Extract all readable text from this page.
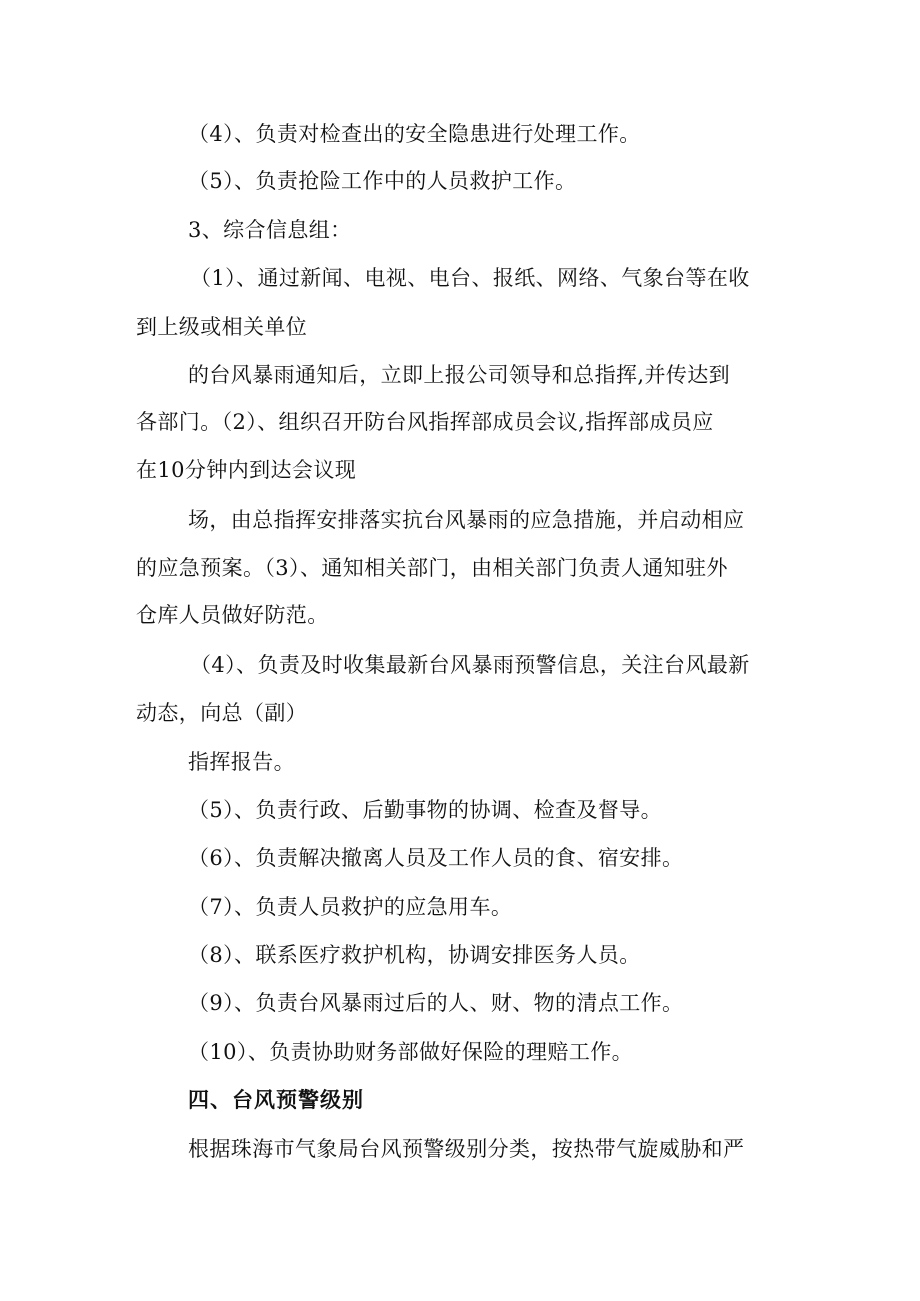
（4）、负责对检查出的安全隐患进行处理工作。
（5）、负责抢险工作中的人员救护工作。
3、综合信息组：
（1）、通过新闻、电视、电台、报纸、网络、气象台等在收
到上级或相关单位
的台风暴雨通知后，立即上报公司领导和总指挥,并传达到
各部门。（2）、组织召开防台风指挥部成员会议,指挥部成员应
在10分钟内到达会议现
场，由总指挥安排落实抗台风暴雨的应急措施，并启动相应
的应急预案。（3）、通知相关部门，由相关部门负责人通知驻外
仓库人员做好防范。
（4）、负责及时收集最新台风暴雨预警信息，关注台风最新
动态，向总（副）
指挥报告。
（5）、负责行政、后勤事物的协调、检查及督导。
（6）、负责解决撤离人员及工作人员的食、宿安排。
（7）、负责人员救护的应急用车。
（8）、联系医疗救护机构，协调安排医务人员。
（9）、负责台风暴雨过后的人、财、物的清点工作。
（10）、负责协助财务部做好保险的理赔工作。
四、台风预警级别
根据珠海市气象局台风预警级别分类，按热带气旋威胁和严
